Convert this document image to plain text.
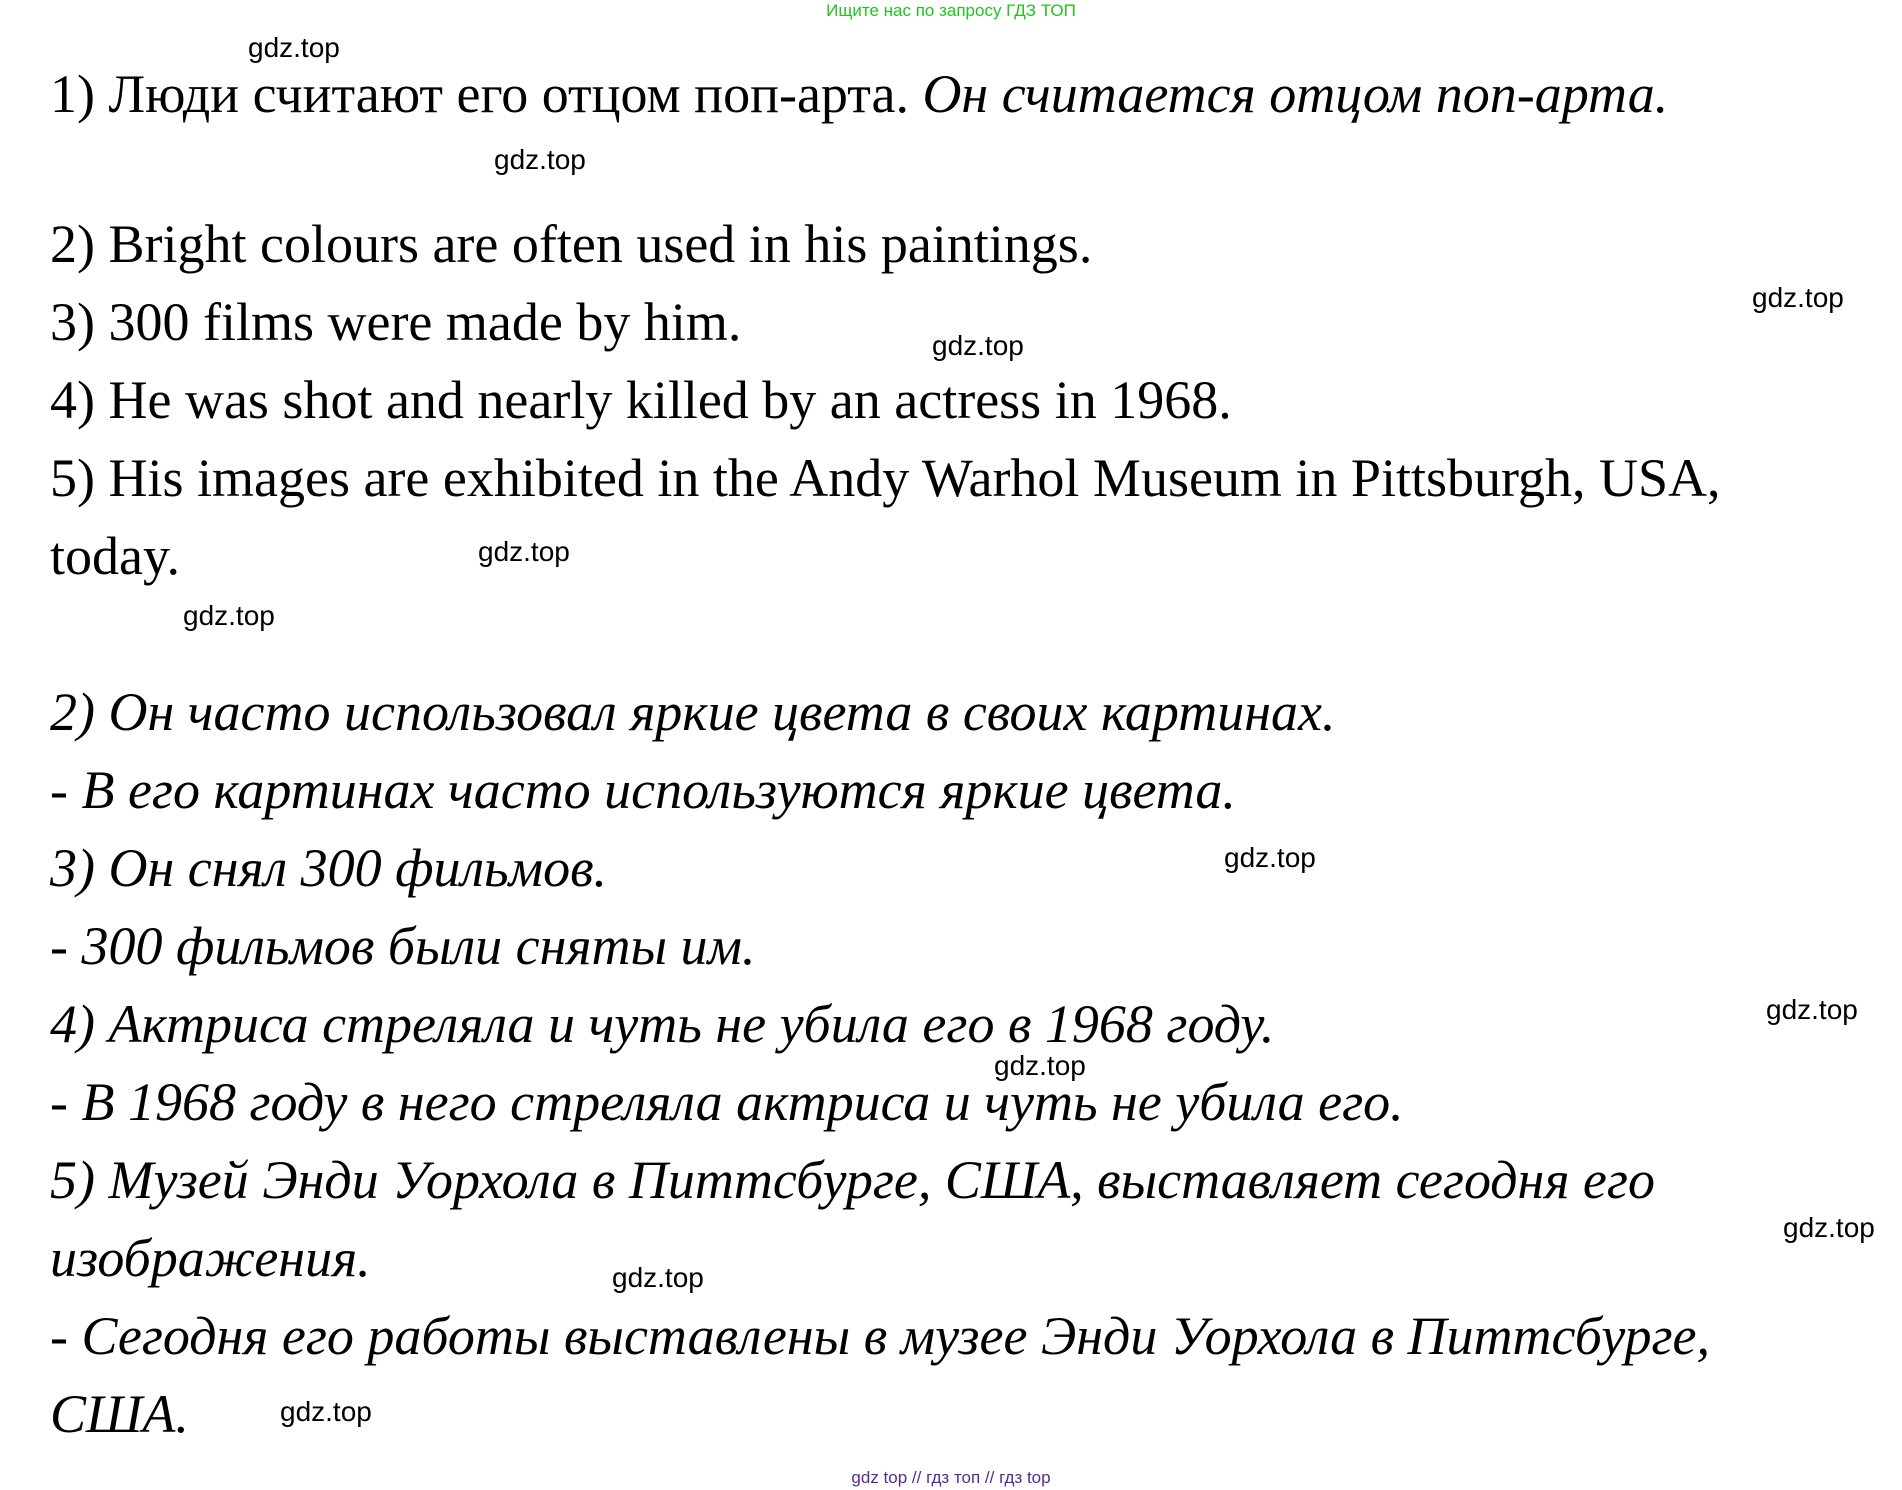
Ищите нас по запросу ГДЗ ТОП
1) Люди считают его отцом поп-арта. Он считается отцом поп-арта.
2) Bright colours are often used in his paintings.
3) 300 films were made by him.
4) He was shot and nearly killed by an actress in 1968.
5) His images are exhibited in the Andy Warhol Museum in Pittsburgh, USA,
today.
2) Он часто использовал яркие цвета в своих картинах.
- В его картинах часто используются яркие цвета.
3) Он снял 300 фильмов.
- 300 фильмов были сняты им.
4) Актриса стреляла и чуть не убила его в 1968 году.
- В 1968 году в него стреляла актриса и чуть не убила его.
5) Музей Энди Уорхола в Питтсбурге, США, выставляет сегодня его
изображения.
- Сегодня его работы выставлены в музее Энди Уорхола в Питтсбурге,
США.
gdz.top
gdz.top
gdz.top
gdz.top
gdz.top
gdz.top
gdz.top
gdz.top
gdz.top
gdz.top
gdz.top
gdz.top
gdz top // гдз топ // гдз top
